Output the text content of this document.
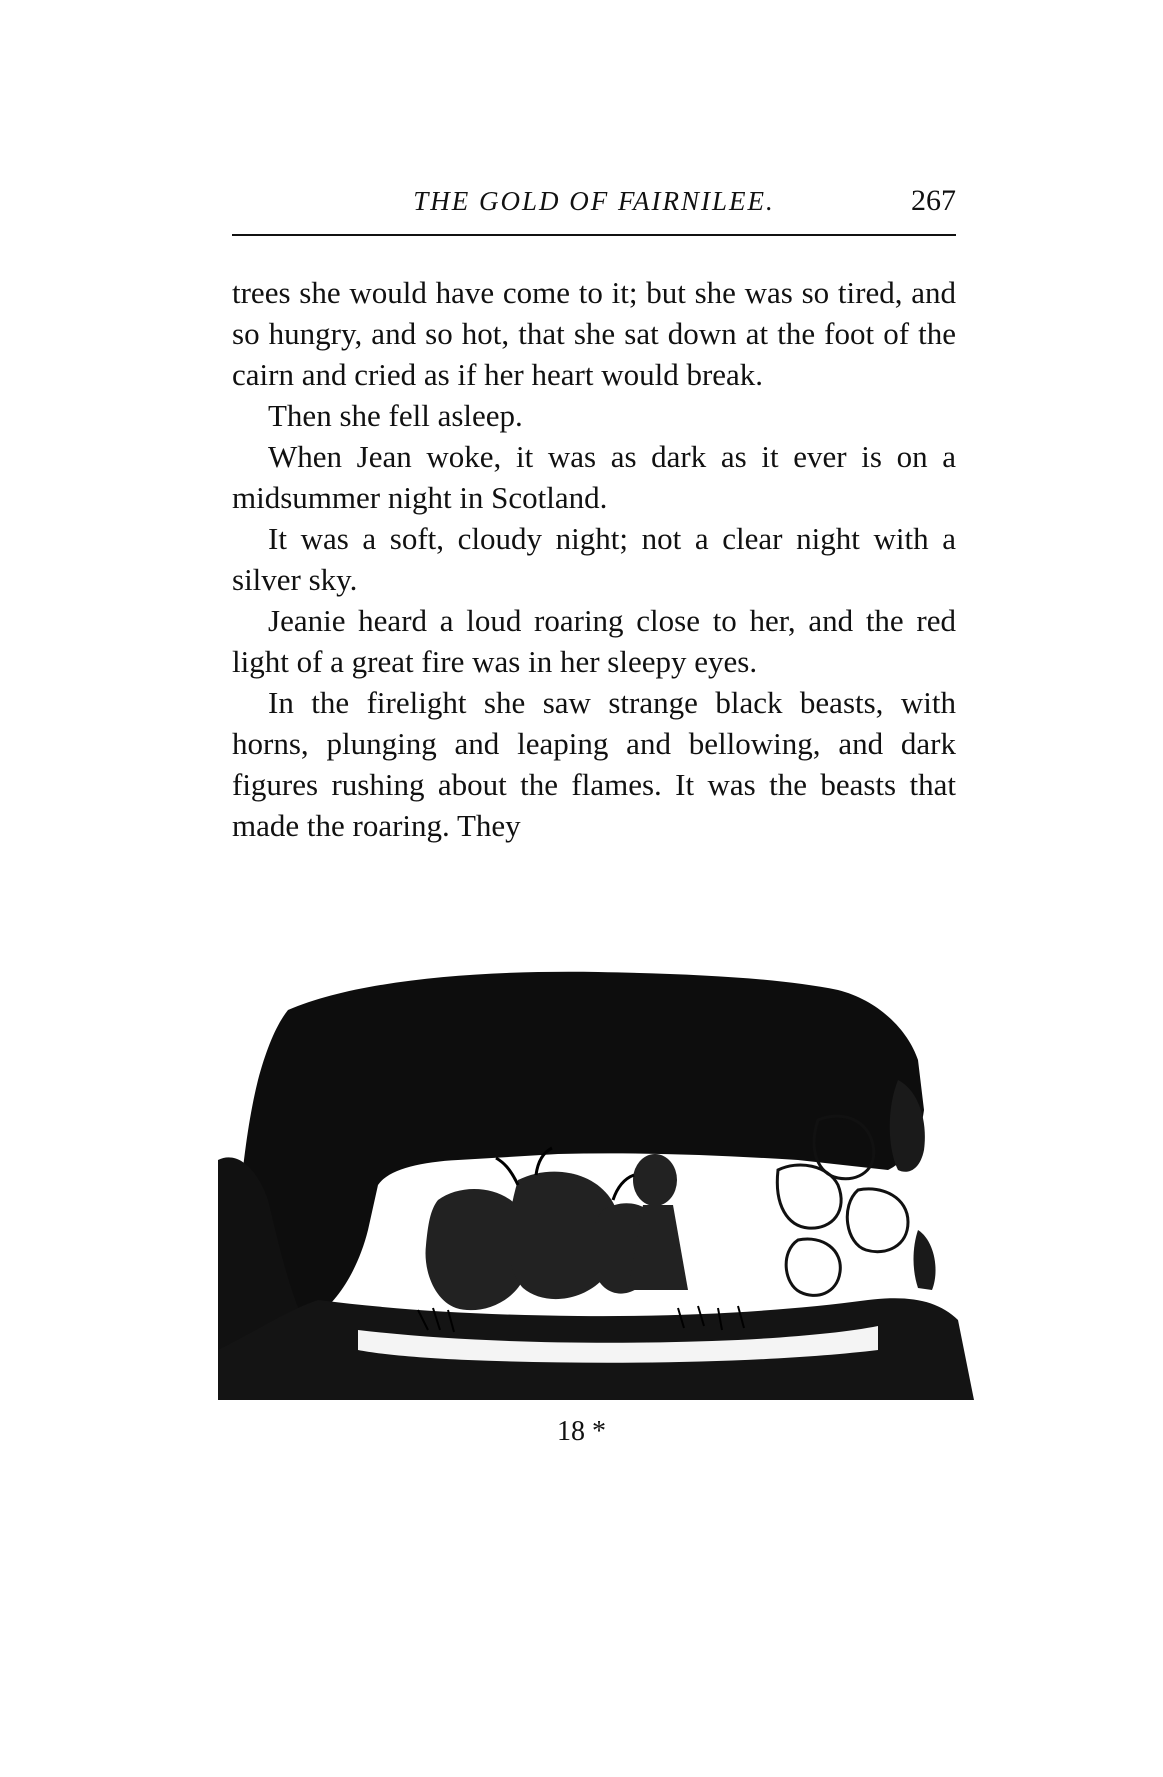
THE GOLD OF FAIRNILEE.	267

trees she would have come to it; but she was so tired, and so hungry, and so hot, that she sat down at the foot of the cairn and cried as if her heart would break.

Then she fell asleep.

When Jean woke, it was as dark as it ever is on a midsummer night in Scotland.

It was a soft, cloudy night; not a clear night with a silver sky.

Jeanie heard a loud roaring close to her, and the red light of a great fire was in her sleepy eyes.

In the firelight she saw strange black beasts, with horns, plunging and leaping and bellowing, and dark figures rushing about the flames. It was the beasts that made the roaring. They

18 *
